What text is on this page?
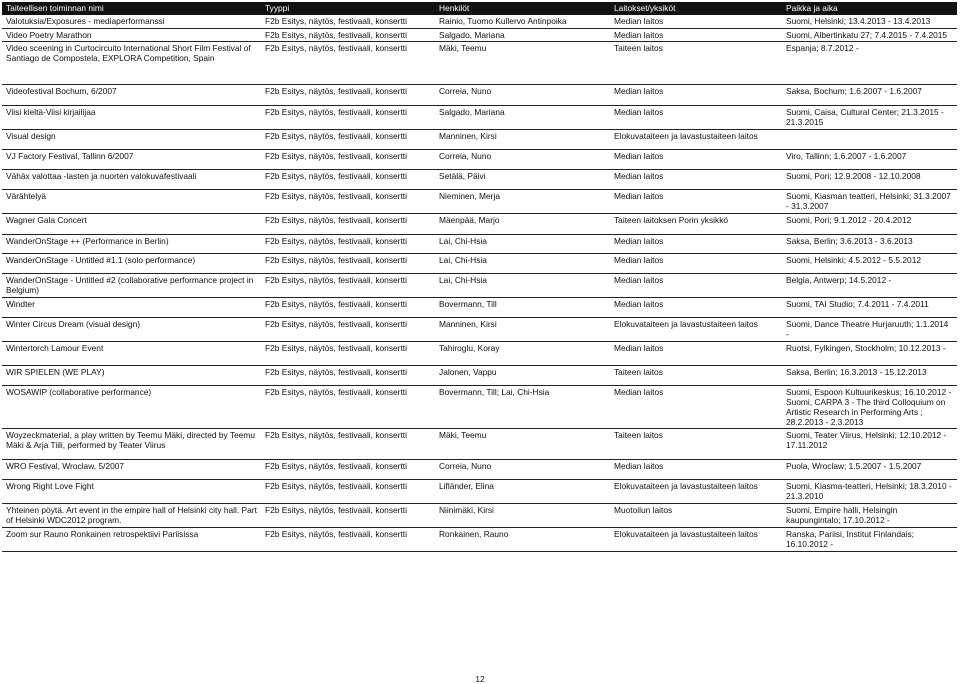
Taiteellisen toiminnan nimi	Tyyppi	Henkilöt	Laitokset/yksiköt	Paikka ja aika
Valotuksia/Exposures - mediaperformanssi	F2b Esitys, näytös, festivaali, konsertti	Rainio, Tuomo Kullervo Antinpoika	Median laitos	Suomi, Helsinki; 13.4.2013 - 13.4.2013
Video Poetry Marathon	F2b Esitys, näytös, festivaali, konsertti	Salgado, Mariana	Median laitos	Suomi, Albertinkatu 27; 7.4.2015 - 7.4.2015
Video sceening in Curtocircuito International Short Film Festival of Santiago de Compostela, EXPLORA Competition, Spain	F2b Esitys, näytös, festivaali, konsertti	Mäki, Teemu	Taiteen laitos	Espanja; 8.7.2012 -
Videofestival Bochum, 6/2007	F2b Esitys, näytös, festivaali, konsertti	Correia, Nuno	Median laitos	Saksa, Bochum; 1.6.2007 - 1.6.2007
Viisi kieltä-Viisi kirjailijaa	F2b Esitys, näytös, festivaali, konsertti	Salgado, Mariana	Median laitos	Suomi, Caisa, Cultural Center; 21.3.2015 - 21.3.2015
Visual design	F2b Esitys, näytös, festivaali, konsertti	Manninen, Kirsi	Elokuvataiteen ja lavastustaiteen laitos	
VJ Factory Festival, Tallinn 6/2007	F2b Esitys, näytös, festivaali, konsertti	Correia, Nuno	Median laitos	Viro, Tallinn; 1.6.2007 - 1.6.2007
Vähäx valottaa -lasten ja nuorten valokuvafestivaali	F2b Esitys, näytös, festivaali, konsertti	Setälä, Päivi	Median laitos	Suomi, Pori; 12.9.2008 - 12.10.2008
Värähtelyä	F2b Esitys, näytös, festivaali, konsertti	Nieminen, Merja	Median laitos	Suomi, Kiasman teatteri, Helsinki; 31.3.2007 - 31.3.2007
Wagner Gala Concert	F2b Esitys, näytös, festivaali, konsertti	Mäenpää, Marjo	Taiteen laitoksen Porin yksikkö	Suomi, Pori; 9.1.2012 - 20.4.2012
WanderOnStage ++ (Performance in Berlin)	F2b Esitys, näytös, festivaali, konsertti	Lai, Chi-Hsia	Median laitos	Saksa, Berlin; 3.6.2013 - 3.6.2013
WanderOnStage - Untitled #1.1 (solo performance)	F2b Esitys, näytös, festivaali, konsertti	Lai, Chi-Hsia	Median laitos	Suomi, Helsinki; 4.5.2012 - 5.5.2012
WanderOnStage - Untitled #2 (collaborative performance project in Belgium)	F2b Esitys, näytös, festivaali, konsertti	Lai, Chi-Hsia	Median laitos	Belgia, Antwerp; 14.5.2012 -
Windter	F2b Esitys, näytös, festivaali, konsertti	Bovermann, Till	Median laitos	Suomi, TAI Studio; 7.4.2011 - 7.4.2011
Winter Circus Dream (visual design)	F2b Esitys, näytös, festivaali, konsertti	Manninen, Kirsi	Elokuvataiteen ja lavastustaiteen laitos	Suomi, Dance Theatre Hurjaruuth; 1.1.2014 -
Wintertorch Lamour Event	F2b Esitys, näytös, festivaali, konsertti	Tahiroglu, Koray	Median laitos	Ruotsi, Fylkingen, Stockholm; 10.12.2013 -
WIR SPIELEN (WE PLAY)	F2b Esitys, näytös, festivaali, konsertti	Jalonen, Vappu	Taiteen laitos	Saksa, Berlin; 16.3.2013 - 15.12.2013
WOSAWIP (collaborative performance)	F2b Esitys, näytös, festivaali, konsertti	Bovermann, Till; Lai, Chi-Hsia	Median laitos	Suomi, Espoon Kultuurikeskus; 16.10.2012 -
Suomi, CARPA 3 - The third Colloquium on Artistic Research in Performing Arts ; 28.2.2013 - 2.3.2013
Woyzeckmaterial, a play written by Teemu Mäki, directed by Teemu Mäki & Arja Tiili, performed by Teater Viirus	F2b Esitys, näytös, festivaali, konsertti	Mäki, Teemu	Taiteen laitos	Suomi, Teater Viirus, Helsinki; 12.10.2012 - 17.11.2012
WRO Festival, Wroclaw, 5/2007	F2b Esitys, näytös, festivaali, konsertti	Correia, Nuno	Median laitos	Puola, Wroclaw; 1.5.2007 - 1.5.2007
Wrong Right Love Fight	F2b Esitys, näytös, festivaali, konsertti	Lifländer, Elina	Elokuvataiteen ja lavastustaiteen laitos	Suomi, Kiasma-teatteri, Helsinki; 18.3.2010 - 21.3.2010
Yhteinen pöytä. Art event in the empire hall of Helsinki city hall. Part of Helsinki WDC2012 program.	F2b Esitys, näytös, festivaali, konsertti	Niinimäki, Kirsi	Muotoilun laitos	Suomi, Empire halli, Helsingin kaupungintalo; 17.10.2012 -
Zoom sur Rauno Ronkainen retrospektiivi Pariisissa	F2b Esitys, näytös, festivaali, konsertti	Ronkainen, Rauno	Elokuvataiteen ja lavastustaiteen laitos	Ranska, Pariisi, Institut Finlandais; 16.10.2012 -
12
